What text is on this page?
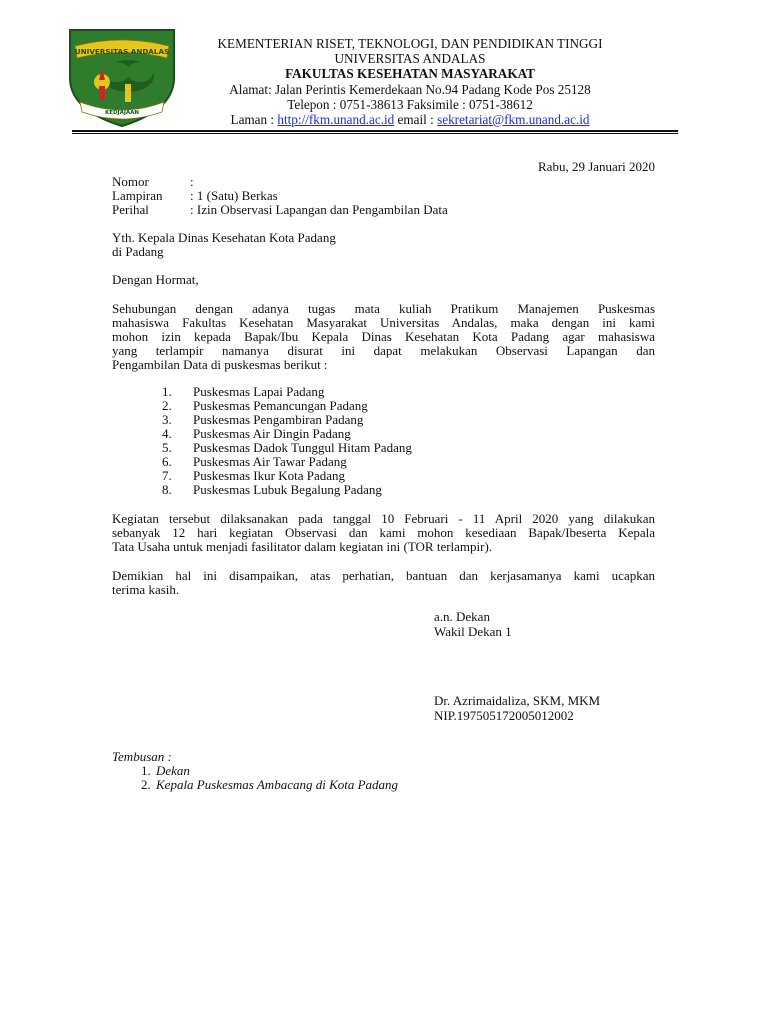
UNIVERSITAS ANDALAS
KEDJAJAAN
KEMENTERIAN RISET, TEKNOLOGI, DAN PENDIDIKAN TINGGI
UNIVERSITAS ANDALAS
FAKULTAS KESEHATAN MASYARAKAT
Alamat: Jalan Perintis Kemerdekaan No.94 Padang Kode Pos 25128
Telepon : 0751-38613 Faksimile : 0751-38612
Laman : http://fkm.unand.ac.id email : sekretariat@fkm.unand.ac.id
Rabu, 29 Januari 2020
Nomor	:
Lampiran : 1 (Satu) Berkas
Perihal	: Izin Observasi Lapangan dan Pengambilan Data
Yth. Kepala Dinas Kesehatan Kota Padang
di Padang
Dengan Hormat,
Sehubungan dengan adanya tugas mata kuliah Pratikum Manajemen Puskesmas
mahasiswa Fakultas Kesehatan Masyarakat Universitas Andalas, maka dengan ini kami
mohon izin kepada Bapak/Ibu Kepala Dinas Kesehatan Kota Padang agar mahasiswa
yang terlampir namanya disurat ini dapat melakukan Observasi Lapangan dan
Pengambilan Data di puskesmas berikut :
1. Puskesmas Lapai Padang
2. Puskesmas Pemancungan Padang
3. Puskesmas Pengambiran Padang
4. Puskesmas Air Dingin Padang
5. Puskesmas Dadok Tunggul Hitam Padang
6. Puskesmas Air Tawar Padang
7. Puskesmas Ikur Kota Padang
8. Puskesmas Lubuk Begalung Padang
Kegiatan tersebut dilaksanakan pada tanggal 10 Februari - 11 April 2020 yang dilakukan
sebanyak 12 hari kegiatan Observasi dan kami mohon kesediaan Bapak/Ibeserta Kepala
Tata Usaha untuk menjadi fasilitator dalam kegiatan ini (TOR terlampir).
Demikian hal ini disampaikan, atas perhatian, bantuan dan kerjasamanya kami ucapkan
terima kasih.
a.n. Dekan
Wakil Dekan 1
Dr. Azrimaidaliza, SKM, MKM
NIP.197505172005012002
Tembusan :
1. Dekan
2. Kepala Puskesmas Ambacang di Kota Padang
